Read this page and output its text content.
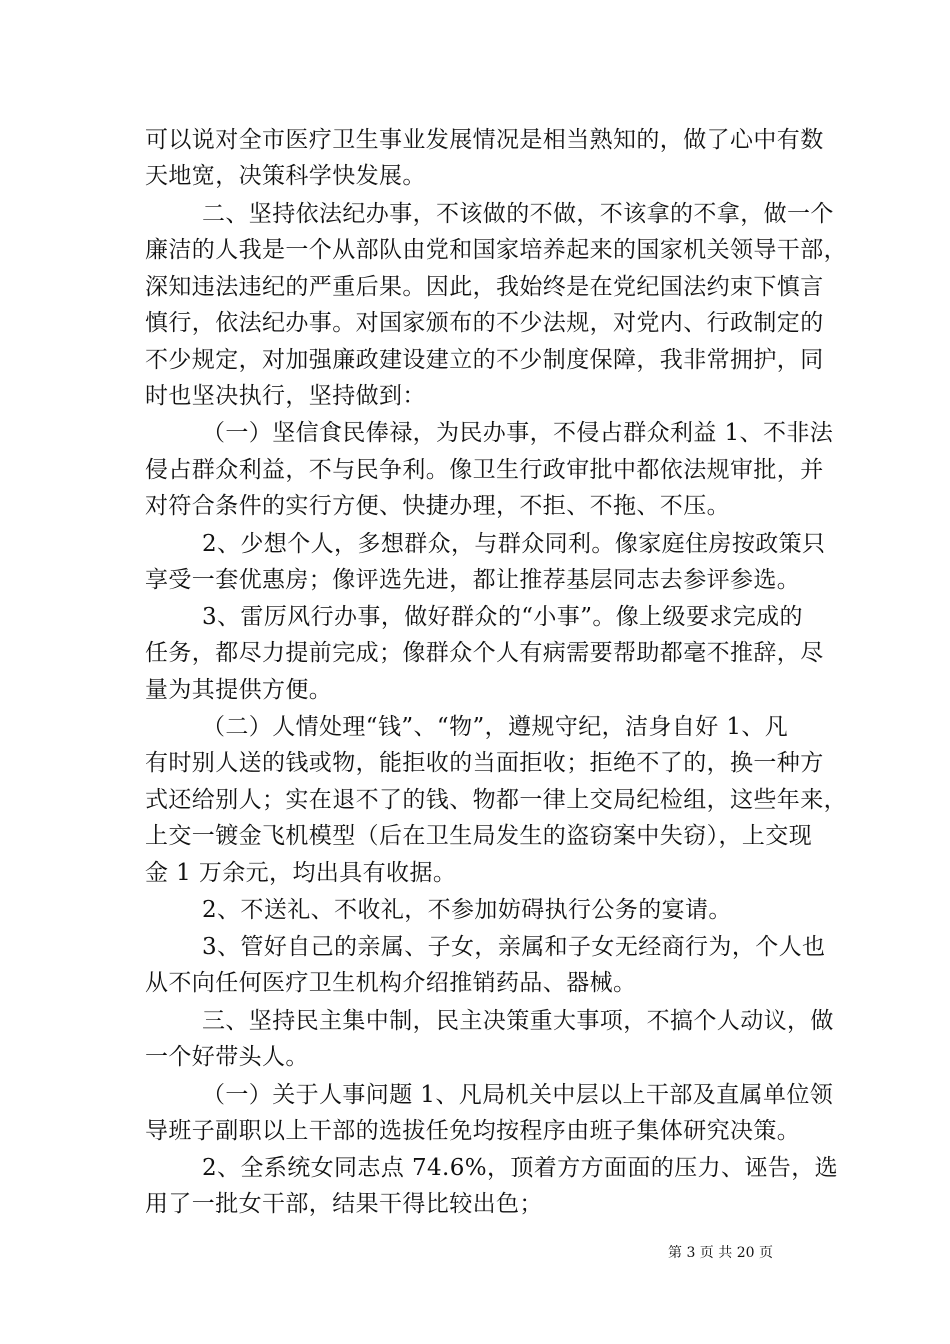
可以说对全市医疗卫生事业发展情况是相当熟知的，做了心中有数
天地宽，决策科学快发展。
二、坚持依法纪办事，不该做的不做，不该拿的不拿，做一个
廉洁的人我是一个从部队由党和国家培养起来的国家机关领导干部，
深知违法违纪的严重后果。因此，我始终是在党纪国法约束下慎言
慎行，依法纪办事。对国家颁布的不少法规，对党内、行政制定的
不少规定，对加强廉政建设建立的不少制度保障，我非常拥护，同
时也坚决执行，坚持做到：
（一）坚信食民俸禄，为民办事，不侵占群众利益 1、不非法
侵占群众利益，不与民争利。像卫生行政审批中都依法规审批，并
对符合条件的实行方便、快捷办理，不拒、不拖、不压。
2、少想个人，多想群众，与群众同利。像家庭住房按政策只
享受一套优惠房；像评选先进，都让推荐基层同志去参评参选。
3、雷厉风行办事，做好群众的“小事”。像上级要求完成的
任务，都尽力提前完成；像群众个人有病需要帮助都毫不推辞，尽
量为其提供方便。
（二）人情处理“钱”、“物”，遵规守纪，洁身自好 1、凡
有时别人送的钱或物，能拒收的当面拒收；拒绝不了的，换一种方
式还给别人；实在退不了的钱、物都一律上交局纪检组，这些年来，
上交一镀金飞机模型（后在卫生局发生的盗窃案中失窃），上交现
金 1 万余元，均出具有收据。
2、不送礼、不收礼，不参加妨碍执行公务的宴请。
3、管好自己的亲属、子女，亲属和子女无经商行为，个人也
从不向任何医疗卫生机构介绍推销药品、器械。
三、坚持民主集中制，民主决策重大事项，不搞个人动议，做
一个好带头人。
（一）关于人事问题 1、凡局机关中层以上干部及直属单位领
导班子副职以上干部的选拔任免均按程序由班子集体研究决策。
2、全系统女同志点 74.6%，顶着方方面面的压力、诬告，选
用了一批女干部，结果干得比较出色；
第 3 页 共 20 页
